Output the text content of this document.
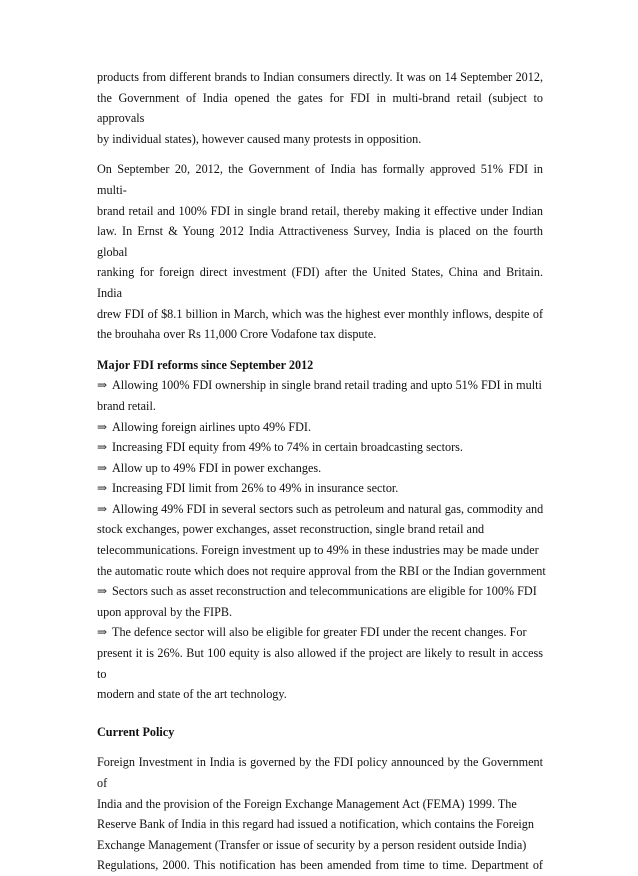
products from different brands to Indian consumers directly. It was on 14 September 2012,
the Government of India opened the gates for FDI in multi-brand retail (subject to approvals
by individual states), however caused many protests in opposition.
On September 20, 2012, the Government of India has formally approved 51% FDI in multi-
brand retail and 100% FDI in single brand retail, thereby making it effective under Indian
law. In Ernst & Young 2012 India Attractiveness Survey, India is placed on the fourth global
ranking for foreign direct investment (FDI) after the United States, China and Britain. India
drew FDI of $8.1 billion in March, which was the highest ever monthly inflows, despite of
the brouhaha over Rs 11,000 Crore Vodafone tax dispute.
Major FDI reforms since September 2012
⇒ Allowing 100% FDI ownership in single brand retail trading and upto 51% FDI in multi
brand retail.
⇒ Allowing foreign airlines upto 49% FDI.
⇒ Increasing FDI equity from 49% to 74% in certain broadcasting sectors.
⇒ Allow up to 49% FDI in power exchanges.
⇒ Increasing FDI limit from 26% to 49% in insurance sector.
⇒ Allowing 49% FDI in several sectors such as petroleum and natural gas, commodity and
stock exchanges, power exchanges, asset reconstruction, single brand retail and
telecommunications. Foreign investment up to 49% in these industries may be made under
the automatic route which does not require approval from the RBI or the Indian government
⇒ Sectors such as asset reconstruction and telecommunications are eligible for 100% FDI
upon approval by the FIPB.
⇒ The defence sector will also be eligible for greater FDI under the recent changes. For
present it is 26%. But 100 equity is also allowed if the project are likely to result in access to
modern and state of the art technology.
Current Policy
Foreign Investment in India is governed by the FDI policy announced by the Government of
India and the provision of the Foreign Exchange Management Act (FEMA) 1999. The
Reserve Bank of India in this regard had issued a notification, which contains the Foreign
Exchange Management (Transfer or issue of security by a person resident outside India)
Regulations, 2000. This notification has been amended from time to time. Department of
